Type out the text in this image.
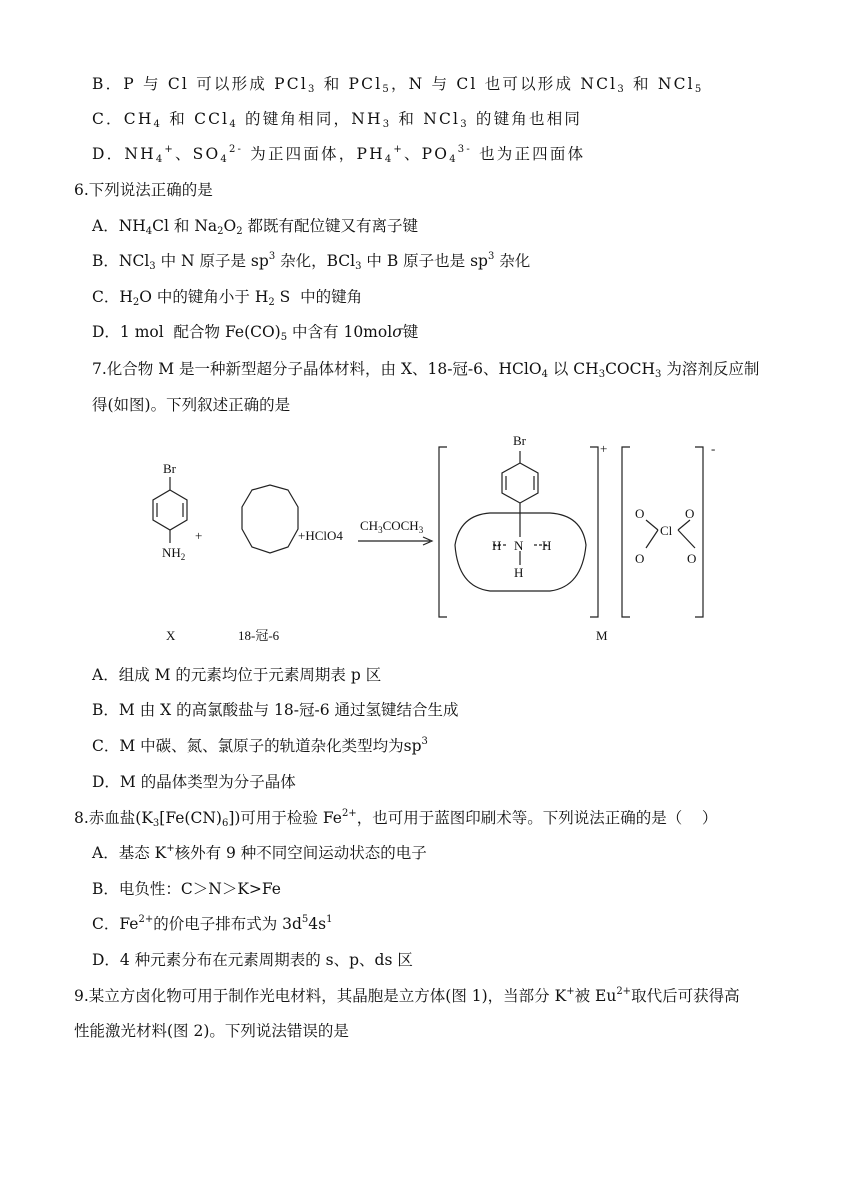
B．P 与 Cl 可以形成 PCl$_3$ 和 PCl$_5$，N 与 Cl 也可以形成 NCl$_3$ 和 NCl$_5$
C．$CH_4$ 和 CCl$_4$ 的键角相同，$NH_3$ 和 NCl$_3$ 的键角也相同
D．$NH_4^+$、$SO_4^{2-}$ 为正四面体，$PH_4^+$、$PO_4^{3-}$ 也为正四面体
6.下列说法正确的是
A．$NH_4Cl$ 和 $Na_2O_2$ 都既有配位键又有离子键
B．NCl$_3$ 中 N 原子是 $sp^3$ 杂化，BCl$_3$ 中 B 原子也是 $sp^3$ 杂化
C．$H_2O$ 中的键角小于 $H_2$ S  中的键角
D．1 mol  配合物 $Fe(CO)_5$ 中含有 10molσ键
7.化合物 M 是一种新型超分子晶体材料，由 X、18-冠-6、HClO$_4$ 以 $CH_3COCH_3$ 为溶剂反应制
得(如图)。下列叙述正确的是
Br
$NH_2$
+	+HClO4
$CH_3COCH_3$
Br
N
H
H	H
+	-
Cl
O	O
O	O
X	18-冠-6	M
A．组成 M 的元素均位于元素周期表 p 区
B．M 由 X 的高氯酸盐与 18-冠-6 通过氢键结合生成
C．M 中碳、氮、氯原子的轨道杂化类型均为$sp^3$
D．M 的晶体类型为分子晶体
8.赤血盐$(K_3[Fe(CN)_6])$可用于检验 $Fe^{2+}$，也可用于蓝图印刷术等。下列说法正确的是（    ）
A．基态 K+核外有 9 种不同空间运动状态的电子
B．电负性：C＞N＞K>Fe
C．$Fe^{2+}$的价电子排布式为 $3d^54s^1$
D．4 种元素分布在元素周期表的 s、p、ds 区
9.某立方卤化物可用于制作光电材料，其晶胞是立方体(图 1)，当部分 K+被 $Eu^{2+}$取代后可获得高
性能激光材料(图 2)。下列说法错误的是
